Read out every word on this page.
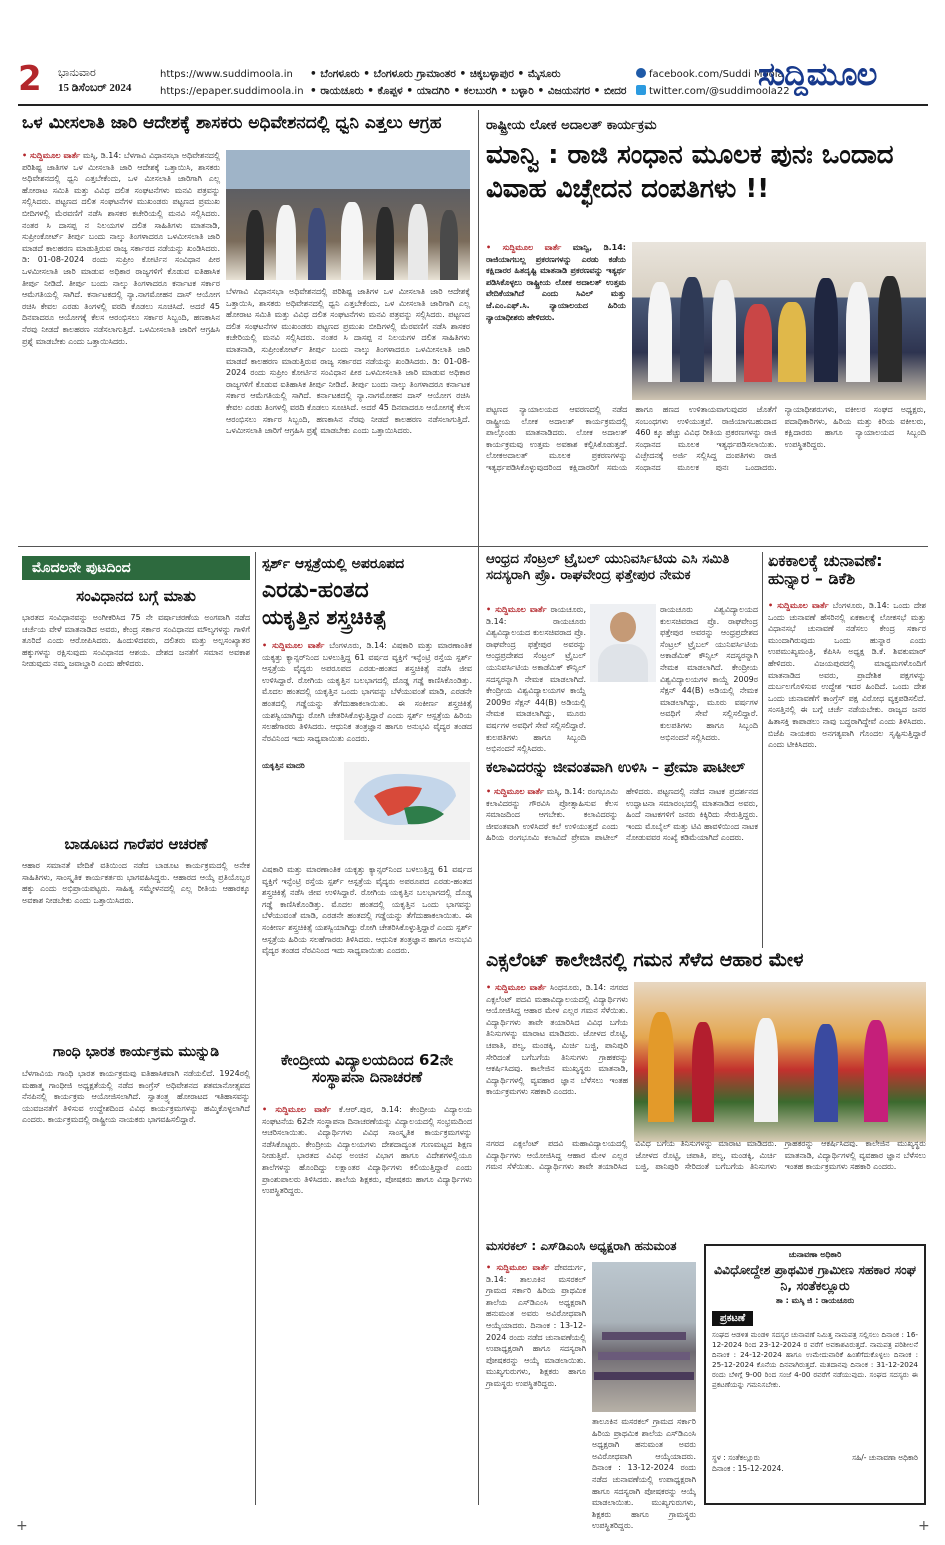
2 ಭಾನುವಾರ
15 ಡಿಸೆಂಬರ್ 2024
https://www.suddimoola.in
https://epaper.suddimoola.in
• ಬೆಂಗಳೂರು • ಬೆಂಗಳೂರು ಗ್ರಾಮಾಂತರ • ಚಿಕ್ಕಬಳ್ಳಾಪುರ • ಮೈಸೂರು
• ರಾಯಚೂರು • ಕೊಪ್ಪಳ • ಯಾದಗಿರಿ • ಕಲಬುರಗಿ • ಬಳ್ಳಾರಿ • ವಿಜಯನಗರ • ಬೀದರ
facebook.com/Suddi Moola
twitter.com/@suddimoola22
ಸುದ್ದಿಮೂಲ
ಒಳ ಮೀಸಲಾತಿ ಜಾರಿ ಆದೇಶಕ್ಕೆ ಶಾಸಕರು ಅಧಿವೇಶನದಲ್ಲಿ ಧ್ವನಿ ಎತ್ತಲು ಆಗ್ರಹ
• ಸುದ್ದಿಮೂಲ ವಾರ್ತೆ ಮಸ್ಕಿ, ಡಿ.14: ಬೆಳಗಾವಿ ವಿಧಾನಸಭಾ ಅಧಿವೇಶನದಲ್ಲಿ ಪರಿಶಿಷ್ಟ ಜಾತಿಗಳ ಒಳ ಮೀಸಲಾತಿ ಜಾರಿ ಆದೇಶಕ್ಕೆ ಒತ್ತಾಯಿಸಿ, ಶಾಸಕರು ಅಧಿವೇಶನದಲ್ಲಿ ಧ್ವನಿ ಎತ್ತಬೇಕೆಂದು, ಒಳ ಮೀಸಲಾತಿ ಜಾರಿಗಾಗಿ ಎಲ್ಲ ಹೋರಾಟ ಸಮಿತಿ ಮತ್ತು ವಿವಿಧ ದಲಿತ ಸಂಘಟನೆಗಳು ಮನವಿ ಪತ್ರವನ್ನು ಸಲ್ಲಿಸಿದರು. ಪಟ್ಟಣದ ದಲಿತ ಸಂಘಟನೆಗಳ ಮುಖಂಡರು ಪಟ್ಟಣದ ಪ್ರಮುಖ ಬೀದಿಗಳಲ್ಲಿ ಮೆರವಣಿಗೆ ನಡೆಸಿ ಶಾಸಕರ ಕಚೇರಿಯಲ್ಲಿ ಮನವಿ ಸಲ್ಲಿಸಿದರು. ನಂತರ ಸಿ ದಾಸಪ್ಪ ನ ನಿಲಯಗಳ ದಲಿತ ಸಾಹಿತಿಗಳು ಮಾತನಾಡಿ, ಸುಪ್ರೀಂಕೋರ್ಟ್ ತೀರ್ಪು ಬಂದು ನಾಲ್ಕು ತಿಂಗಳಾದರೂ ಒಳಮೀಸಲಾತಿ ಜಾರಿ ಮಾಡದೆ ಕಾಲಹರಣ ಮಾಡುತ್ತಿರುವ ರಾಜ್ಯ ಸರ್ಕಾರದ ನಡೆಯನ್ನು ಖಂಡಿಸಿದರು. ಡಿ: 01-08-2024 ರಂದು ಸುಪ್ರೀಂ ಕೋರ್ಟಿನ ಸಂವಿಧಾನ ಪೀಠ ಒಳಮೀಸಲಾತಿ ಜಾರಿ ಮಾಡುವ ಅಧಿಕಾರ ರಾಜ್ಯಗಳಿಗೆ ಕೊಡುವ ಐತಿಹಾಸಿಕ ತೀರ್ಪು ನೀಡಿದೆ. ತೀರ್ಪು ಬಂದು ನಾಲ್ಕು ತಿಂಗಳಾದರೂ ಕರ್ನಾಟಕ ಸರ್ಕಾರ ಆಮೆಗತಿಯಲ್ಲಿ ಸಾಗಿದೆ. ಕರ್ನಾಟಕದಲ್ಲಿ ನ್ಯಾ.ನಾಗಮೋಹನ ದಾಸ್ ಆಯೋಗ ರಚಿಸಿ ಕೇವಲ ಎರಡು ತಿಂಗಳಲ್ಲಿ ವರದಿ ಕೊಡಲು ಸೂಚಿಸಿದೆ. ಅದರೆ 45 ದಿನವಾದರೂ ಆಯೋಗಕ್ಕೆ ಕೆಲಸ ಆರಂಭಿಸಲು ಸರ್ಕಾರ ಸಿಬ್ಬಂದಿ, ಹಣಕಾಸಿನ ನೆರವು ನೀಡದೆ ಕಾಲಹರಣ ನಡೆಸಲಾಗುತ್ತಿದೆ. ಒಳಮೀಸಲಾತಿ ಜಾರಿಗೆ ಆಗ್ರಹಿಸಿ ಪ್ರಶ್ನೆ ಮಾಡಬೇಕು ಎಂದು ಒತ್ತಾಯಿಸಿದರು.
ಬೆಳಗಾವಿ ವಿಧಾನಸಭಾ ಅಧಿವೇಶನದಲ್ಲಿ ಪರಿಶಿಷ್ಟ ಜಾತಿಗಳ ಒಳ ಮೀಸಲಾತಿ ಜಾರಿ ಆದೇಶಕ್ಕೆ ಒತ್ತಾಯಿಸಿ, ಶಾಸಕರು ಅಧಿವೇಶನದಲ್ಲಿ ಧ್ವನಿ ಎತ್ತಬೇಕೆಂದು, ಒಳ ಮೀಸಲಾತಿ ಜಾರಿಗಾಗಿ ಎಲ್ಲ ಹೋರಾಟ ಸಮಿತಿ ಮತ್ತು ವಿವಿಧ ದಲಿತ ಸಂಘಟನೆಗಳು ಮನವಿ ಪತ್ರವನ್ನು ಸಲ್ಲಿಸಿದರು. ಪಟ್ಟಣದ ದಲಿತ ಸಂಘಟನೆಗಳ ಮುಖಂಡರು ಪಟ್ಟಣದ ಪ್ರಮುಖ ಬೀದಿಗಳಲ್ಲಿ ಮೆರವಣಿಗೆ ನಡೆಸಿ ಶಾಸಕರ ಕಚೇರಿಯಲ್ಲಿ ಮನವಿ ಸಲ್ಲಿಸಿದರು. ನಂತರ ಸಿ ದಾಸಪ್ಪ ನ ನಿಲಯಗಳ ದಲಿತ ಸಾಹಿತಿಗಳು ಮಾತನಾಡಿ, ಸುಪ್ರೀಂಕೋರ್ಟ್ ತೀರ್ಪು ಬಂದು ನಾಲ್ಕು ತಿಂಗಳಾದರೂ ಒಳಮೀಸಲಾತಿ ಜಾರಿ ಮಾಡದೆ ಕಾಲಹರಣ ಮಾಡುತ್ತಿರುವ ರಾಜ್ಯ ಸರ್ಕಾರದ ನಡೆಯನ್ನು ಖಂಡಿಸಿದರು. ಡಿ: 01-08-2024 ರಂದು ಸುಪ್ರೀಂ ಕೋರ್ಟಿನ ಸಂವಿಧಾನ ಪೀಠ ಒಳಮೀಸಲಾತಿ ಜಾರಿ ಮಾಡುವ ಅಧಿಕಾರ ರಾಜ್ಯಗಳಿಗೆ ಕೊಡುವ ಐತಿಹಾಸಿಕ ತೀರ್ಪು ನೀಡಿದೆ. ತೀರ್ಪು ಬಂದು ನಾಲ್ಕು ತಿಂಗಳಾದರೂ ಕರ್ನಾಟಕ ಸರ್ಕಾರ ಆಮೆಗತಿಯಲ್ಲಿ ಸಾಗಿದೆ. ಕರ್ನಾಟಕದಲ್ಲಿ ನ್ಯಾ.ನಾಗಮೋಹನ ದಾಸ್ ಆಯೋಗ ರಚಿಸಿ ಕೇವಲ ಎರಡು ತಿಂಗಳಲ್ಲಿ ವರದಿ ಕೊಡಲು ಸೂಚಿಸಿದೆ. ಅದರೆ 45 ದಿನವಾದರೂ ಆಯೋಗಕ್ಕೆ ಕೆಲಸ ಆರಂಭಿಸಲು ಸರ್ಕಾರ ಸಿಬ್ಬಂದಿ, ಹಣಕಾಸಿನ ನೆರವು ನೀಡದೆ ಕಾಲಹರಣ ನಡೆಸಲಾಗುತ್ತಿದೆ. ಒಳಮೀಸಲಾತಿ ಜಾರಿಗೆ ಆಗ್ರಹಿಸಿ ಪ್ರಶ್ನೆ ಮಾಡಬೇಕು ಎಂದು ಒತ್ತಾಯಿಸಿದರು.
ರಾಷ್ಟ್ರೀಯ ಲೋಕ ಅದಾಲತ್ ಕಾರ್ಯಕ್ರಮ
ಮಾನ್ವಿ : ರಾಜಿ ಸಂಧಾನ ಮೂಲಕ ಪುನಃ ಒಂದಾದ ವಿವಾಹ ವಿಚ್ಛೇದನ ದಂಪತಿಗಳು !!
• ಸುದ್ದಿಮೂಲ ವಾರ್ತೆ ಮಾನ್ವಿ, ಡಿ.14: ರಾಜಿಯಾಗಬಲ್ಲ ಪ್ರಕರಣಗಳನ್ನು ಎರಡು ಕಡೆಯ ಕಕ್ಷಿದಾರರ ಹಿತದೃಷ್ಟಿ ಮಾತನಾಡಿ ಪ್ರಕರಣವನ್ನು ಇತ್ಯರ್ಥ ಪಡಿಸಿಕೊಳ್ಳಲು ರಾಷ್ಟ್ರೀಯ ಲೋಕ ಅದಾಲತ್ ಉತ್ತಮ ವೇದಿಕೆಯಾಗಿದೆ ಎಂದು ಸಿವಿಲ್ ಮತ್ತು ಜೆ.ಎಂ.ಎಫ್.ಸಿ. ನ್ಯಾಯಾಲಯದ ಹಿರಿಯ ನ್ಯಾಯಾಧೀಶರು ಹೇಳಿದರು.
ಪಟ್ಟಣದ ನ್ಯಾಯಾಲಯದ ಆವರಣದಲ್ಲಿ ನಡೆದ ರಾಷ್ಟ್ರೀಯ ಲೋಕ ಅದಾಲತ್ ಕಾರ್ಯಕ್ರಮದಲ್ಲಿ ಪಾಲ್ಗೊಂಡು ಮಾತನಾಡಿದರು. ಲೋಕ ಅದಾಲತ್ ಕಾರ್ಯಕ್ರಮವು ಉತ್ತಮ ಅವಕಾಶ ಕಲ್ಪಿಸಿಕೊಡುತ್ತದೆ. ಲೋಕಅದಾಲತ್ ಮೂಲಕ ಪ್ರಕರಣಗಳನ್ನು ಇತ್ಯರ್ಥಪಡಿಸಿಕೊಳ್ಳುವುದರಿಂದ ಕಕ್ಷಿದಾರರಿಗೆ ಸಮಯ ಹಾಗೂ ಹಣದ ಉಳಿತಾಯವಾಗುವುದರ ಜೊತೆಗೆ ಸಂಬಂಧಗಳು ಉಳಿಯುತ್ತವೆ. ರಾಜಿಯಾಗಬಹುದಾದ 460 ಕ್ಕೂ ಹೆಚ್ಚು ವಿವಿಧ ರೀತಿಯ ಪ್ರಕರಣಗಳನ್ನು ರಾಜಿ ಸಂಧಾನದ ಮೂಲಕ ಇತ್ಯರ್ಥಪಡಿಸಲಾಯಿತು. ವಿಚ್ಛೇದನಕ್ಕೆ ಅರ್ಜಿ ಸಲ್ಲಿಸಿದ್ದ ದಂಪತಿಗಳು ರಾಜಿ ಸಂಧಾನದ ಮೂಲಕ ಪುನಃ ಒಂದಾದರು. ನ್ಯಾಯಾಧೀಶರುಗಳು, ವಕೀಲರ ಸಂಘದ ಅಧ್ಯಕ್ಷರು, ಪದಾಧಿಕಾರಿಗಳು, ಹಿರಿಯ ಮತ್ತು ಕಿರಿಯ ವಕೀಲರು, ಕಕ್ಷಿದಾರರು ಹಾಗೂ ನ್ಯಾಯಾಲಯದ ಸಿಬ್ಬಂದಿ ಉಪಸ್ಥಿತರಿದ್ದರು.
ಮೊದಲನೇ ಪುಟದಿಂದ
ಸಂವಿಧಾನದ ಬಗ್ಗೆ ಮಾತು
ಭಾರತದ ಸಂವಿಧಾನವನ್ನು ಅಂಗೀಕರಿಸಿದ 75 ನೇ ವರ್ಷಾಚರಣೆಯ ಅಂಗವಾಗಿ ನಡೆದ ಚರ್ಚೆಯ ವೇಳೆ ಮಾತನಾಡಿದ ಅವರು, ಕೇಂದ್ರ ಸರ್ಕಾರ ಸಂವಿಧಾನದ ಮೌಲ್ಯಗಳನ್ನು ಗಾಳಿಗೆ ತೂರಿದೆ ಎಂದು ಆರೋಪಿಸಿದರು. ಹಿಂದುಳಿದವರು, ದಲಿತರು ಮತ್ತು ಅಲ್ಪಸಂಖ್ಯಾತರ ಹಕ್ಕುಗಳನ್ನು ರಕ್ಷಿಸುವುದು ಸಂವಿಧಾನದ ಆಶಯ. ದೇಶದ ಜನತೆಗೆ ಸಮಾನ ಅವಕಾಶ ನೀಡುವುದು ನಮ್ಮ ಜವಾಬ್ದಾರಿ ಎಂದು ಹೇಳಿದರು.
ಬಾಡೂಟದ ಗಾರೆಪರ ಆಚರಣೆ
ಆಹಾರ ಸಮಾನತೆ ವೇದಿಕೆ ವತಿಯಿಂದ ನಡೆದ ಬಾಡೂಟ ಕಾರ್ಯಕ್ರಮದಲ್ಲಿ ಅನೇಕ ಸಾಹಿತಿಗಳು, ಸಾಂಸ್ಕೃತಿಕ ಕಾರ್ಯಕರ್ತರು ಭಾಗವಹಿಸಿದ್ದರು. ಆಹಾರದ ಆಯ್ಕೆ ಪ್ರತಿಯೊಬ್ಬರ ಹಕ್ಕು ಎಂದು ಅಭಿಪ್ರಾಯಪಟ್ಟರು. ಸಾಹಿತ್ಯ ಸಮ್ಮೇಳನದಲ್ಲಿ ಎಲ್ಲ ರೀತಿಯ ಆಹಾರಕ್ಕೂ ಅವಕಾಶ ನೀಡಬೇಕು ಎಂದು ಒತ್ತಾಯಿಸಿದರು.
ಗಾಂಧಿ ಭಾರತ ಕಾರ್ಯಕ್ರಮ ಮುನ್ನುಡಿ
ಬೆಳಗಾವಿಯ ಗಾಂಧಿ ಭಾರತ ಕಾರ್ಯಕ್ರಮವು ಐತಿಹಾಸಿಕವಾಗಿ ನಡೆಯಲಿದೆ. 1924ರಲ್ಲಿ ಮಹಾತ್ಮ ಗಾಂಧೀಜಿ ಅಧ್ಯಕ್ಷತೆಯಲ್ಲಿ ನಡೆದ ಕಾಂಗ್ರೆಸ್ ಅಧಿವೇಶನದ ಶತಮಾನೋತ್ಸವದ ನೆನಪಿನಲ್ಲಿ ಕಾರ್ಯಕ್ರಮ ಆಯೋಜಿಸಲಾಗಿದೆ. ಸ್ವಾತಂತ್ರ್ಯ ಹೋರಾಟದ ಇತಿಹಾಸವನ್ನು ಯುವಜನತೆಗೆ ತಿಳಿಸುವ ಉದ್ದೇಶದಿಂದ ವಿವಿಧ ಕಾರ್ಯಕ್ರಮಗಳನ್ನು ಹಮ್ಮಿಕೊಳ್ಳಲಾಗಿದೆ ಎಂದರು. ಕಾರ್ಯಕ್ರಮದಲ್ಲಿ ರಾಷ್ಟ್ರೀಯ ನಾಯಕರು ಭಾಗವಹಿಸಲಿದ್ದಾರೆ.
ಸ್ಪರ್ಶ್ ಆಸ್ಪತ್ರೆಯಲ್ಲಿ ಅಪರೂಪದ
ಎರಡು-ಹಂತದ
ಯಕೃತ್ತಿನ ಶಸ್ತ್ರಚಿಕಿತ್ಸೆ
• ಸುದ್ದಿಮೂಲ ವಾರ್ತೆ ಬೆಂಗಳೂರು, ಡಿ.14: ವಿಷಕಾರಿ ಮತ್ತು ಮಾರಣಾಂತಿಕ ಯಕೃತ್ತು ಕ್ಯಾನ್ಸರ್‌ನಿಂದ ಬಳಲುತ್ತಿದ್ದ 61 ವರ್ಷದ ವ್ಯಕ್ತಿಗೆ ಇನ್ಫೆಂಟ್ರಿ ರಸ್ತೆಯ ಸ್ಪರ್ಶ್ ಆಸ್ಪತ್ರೆಯ ವೈದ್ಯರು ಅಪರೂಪದ ಎರಡು-ಹಂತದ ಶಸ್ತ್ರಚಿಕಿತ್ಸೆ ನಡೆಸಿ ಜೀವ ಉಳಿಸಿದ್ದಾರೆ. ರೋಗಿಯ ಯಕೃತ್ತಿನ ಬಲಭಾಗದಲ್ಲಿ ದೊಡ್ಡ ಗಡ್ಡೆ ಕಾಣಿಸಿಕೊಂಡಿತ್ತು. ಮೊದಲ ಹಂತದಲ್ಲಿ ಯಕೃತ್ತಿನ ಒಂದು ಭಾಗವನ್ನು ಬೆಳೆಯುವಂತೆ ಮಾಡಿ, ಎರಡನೇ ಹಂತದಲ್ಲಿ ಗಡ್ಡೆಯನ್ನು ತೆಗೆದುಹಾಕಲಾಯಿತು. ಈ ಸಂಕೀರ್ಣ ಶಸ್ತ್ರಚಿಕಿತ್ಸೆ ಯಶಸ್ವಿಯಾಗಿದ್ದು ರೋಗಿ ಚೇತರಿಸಿಕೊಳ್ಳುತ್ತಿದ್ದಾರೆ ಎಂದು ಸ್ಪರ್ಶ್ ಆಸ್ಪತ್ರೆಯ ಹಿರಿಯ ಸಲಹೆಗಾರರು ತಿಳಿಸಿದರು. ಆಧುನಿಕ ತಂತ್ರಜ್ಞಾನ ಹಾಗೂ ಅನುಭವಿ ವೈದ್ಯರ ತಂಡದ ನೆರವಿನಿಂದ ಇದು ಸಾಧ್ಯವಾಯಿತು ಎಂದರು.
ಯಕೃತ್ತಿನ ಮಾದರಿ
ವಿಷಕಾರಿ ಮತ್ತು ಮಾರಣಾಂತಿಕ ಯಕೃತ್ತು ಕ್ಯಾನ್ಸರ್‌ನಿಂದ ಬಳಲುತ್ತಿದ್ದ 61 ವರ್ಷದ ವ್ಯಕ್ತಿಗೆ ಇನ್ಫೆಂಟ್ರಿ ರಸ್ತೆಯ ಸ್ಪರ್ಶ್ ಆಸ್ಪತ್ರೆಯ ವೈದ್ಯರು ಅಪರೂಪದ ಎರಡು-ಹಂತದ ಶಸ್ತ್ರಚಿಕಿತ್ಸೆ ನಡೆಸಿ ಜೀವ ಉಳಿಸಿದ್ದಾರೆ. ರೋಗಿಯ ಯಕೃತ್ತಿನ ಬಲಭಾಗದಲ್ಲಿ ದೊಡ್ಡ ಗಡ್ಡೆ ಕಾಣಿಸಿಕೊಂಡಿತ್ತು. ಮೊದಲ ಹಂತದಲ್ಲಿ ಯಕೃತ್ತಿನ ಒಂದು ಭಾಗವನ್ನು ಬೆಳೆಯುವಂತೆ ಮಾಡಿ, ಎರಡನೇ ಹಂತದಲ್ಲಿ ಗಡ್ಡೆಯನ್ನು ತೆಗೆದುಹಾಕಲಾಯಿತು. ಈ ಸಂಕೀರ್ಣ ಶಸ್ತ್ರಚಿಕಿತ್ಸೆ ಯಶಸ್ವಿಯಾಗಿದ್ದು ರೋಗಿ ಚೇತರಿಸಿಕೊಳ್ಳುತ್ತಿದ್ದಾರೆ ಎಂದು ಸ್ಪರ್ಶ್ ಆಸ್ಪತ್ರೆಯ ಹಿರಿಯ ಸಲಹೆಗಾರರು ತಿಳಿಸಿದರು. ಆಧುನಿಕ ತಂತ್ರಜ್ಞಾನ ಹಾಗೂ ಅನುಭವಿ ವೈದ್ಯರ ತಂಡದ ನೆರವಿನಿಂದ ಇದು ಸಾಧ್ಯವಾಯಿತು ಎಂದರು.
ಕೇಂದ್ರೀಯ ವಿದ್ಯಾಲಯದಿಂದ 62ನೇ ಸಂಸ್ಥಾಪನಾ ದಿನಾಚರಣೆ
• ಸುದ್ದಿಮೂಲ ವಾರ್ತೆ ಕೆ.ಆರ್.ಪುರ, ಡಿ.14: ಕೇಂದ್ರೀಯ ವಿದ್ಯಾಲಯ ಸಂಘಟನೆಯ 62ನೇ ಸಂಸ್ಥಾಪನಾ ದಿನಾಚರಣೆಯನ್ನು ವಿದ್ಯಾಲಯದಲ್ಲಿ ಸಂಭ್ರಮದಿಂದ ಆಚರಿಸಲಾಯಿತು. ವಿದ್ಯಾರ್ಥಿಗಳು ವಿವಿಧ ಸಾಂಸ್ಕೃತಿಕ ಕಾರ್ಯಕ್ರಮಗಳನ್ನು ನಡೆಸಿಕೊಟ್ಟರು. ಕೇಂದ್ರೀಯ ವಿದ್ಯಾಲಯಗಳು ದೇಶದಾದ್ಯಂತ ಗುಣಮಟ್ಟದ ಶಿಕ್ಷಣ ನೀಡುತ್ತಿವೆ. ಭಾರತದ ವಿವಿಧ ಅಂಚಿನ ವಿಭಾಗ ಹಾಗೂ ವಿದೇಶಗಳಲ್ಲಿಯೂ ಶಾಲೆಗಳನ್ನು ಹೊಂದಿದ್ದು ಲಕ್ಷಾಂತರ ವಿದ್ಯಾರ್ಥಿಗಳು ಕಲಿಯುತ್ತಿದ್ದಾರೆ ಎಂದು ಪ್ರಾಂಶುಪಾಲರು ತಿಳಿಸಿದರು. ಶಾಲೆಯ ಶಿಕ್ಷಕರು, ಪೋಷಕರು ಹಾಗೂ ವಿದ್ಯಾರ್ಥಿಗಳು ಉಪಸ್ಥಿತರಿದ್ದರು.
ಆಂಧ್ರದ ಸೆಂಟ್ರಲ್ ಟ್ರೈಬಲ್ ಯುನಿವರ್ಸಿಟಿಯ ಎಸಿ ಸಮಿತಿ ಸದಸ್ಯರಾಗಿ ಪ್ರೊ. ರಾಘವೇಂದ್ರ ಫತ್ತೇಪುರ ನೇಮಕ
• ಸುದ್ದಿಮೂಲ ವಾರ್ತೆ ರಾಯಚೂರು, ಡಿ.14:	ರಾಯಚೂರು ವಿಶ್ವವಿದ್ಯಾಲಯದ ಕುಲಸಚಿವರಾದ ಪ್ರೊ. ರಾಘವೇಂದ್ರ ಫತ್ತೇಪುರ ಅವರನ್ನು ಆಂಧ್ರಪ್ರದೇಶದ ಸೆಂಟ್ರಲ್ ಟ್ರೈಬಲ್ ಯುನಿವರ್ಸಿಟಿಯ ಅಕಾಡೆಮಿಕ್ ಕೌನ್ಸಿಲ್ ಸದಸ್ಯರನ್ನಾಗಿ ನೇಮಕ ಮಾಡಲಾಗಿದೆ. ಕೇಂದ್ರೀಯ ವಿಶ್ವವಿದ್ಯಾಲಯಗಳ ಕಾಯ್ದೆ 2009ರ ಸೆಕ್ಷನ್ 44(B) ಅಡಿಯಲ್ಲಿ ನೇಮಕ ಮಾಡಲಾಗಿದ್ದು, ಮೂರು ವರ್ಷಗಳ ಅವಧಿಗೆ ಸೇವೆ ಸಲ್ಲಿಸಲಿದ್ದಾರೆ. ಕುಲಪತಿಗಳು ಹಾಗೂ ಸಿಬ್ಬಂದಿ ಅಭಿನಂದನೆ ಸಲ್ಲಿಸಿದರು.
ರಾಯಚೂರು ವಿಶ್ವವಿದ್ಯಾಲಯದ ಕುಲಸಚಿವರಾದ ಪ್ರೊ. ರಾಘವೇಂದ್ರ ಫತ್ತೇಪುರ ಅವರನ್ನು ಆಂಧ್ರಪ್ರದೇಶದ ಸೆಂಟ್ರಲ್ ಟ್ರೈಬಲ್ ಯುನಿವರ್ಸಿಟಿಯ ಅಕಾಡೆಮಿಕ್ ಕೌನ್ಸಿಲ್ ಸದಸ್ಯರನ್ನಾಗಿ ನೇಮಕ ಮಾಡಲಾಗಿದೆ. ಕೇಂದ್ರೀಯ ವಿಶ್ವವಿದ್ಯಾಲಯಗಳ ಕಾಯ್ದೆ 2009ರ ಸೆಕ್ಷನ್ 44(B) ಅಡಿಯಲ್ಲಿ ನೇಮಕ ಮಾಡಲಾಗಿದ್ದು, ಮೂರು ವರ್ಷಗಳ ಅವಧಿಗೆ ಸೇವೆ ಸಲ್ಲಿಸಲಿದ್ದಾರೆ. ಕುಲಪತಿಗಳು ಹಾಗೂ ಸಿಬ್ಬಂದಿ ಅಭಿನಂದನೆ ಸಲ್ಲಿಸಿದರು.
ಏಕಕಾಲಕ್ಕೆ ಚುನಾವಣೆ: ಹುನ್ನಾರ – ಡಿಕೆಶಿ
• ಸುದ್ದಿಮೂಲ ವಾರ್ತೆ ಬೆಂಗಳೂರು, ಡಿ.14: ಒಂದು ದೇಶ ಒಂದು ಚುನಾವಣೆ ಹೆಸರಿನಲ್ಲಿ ಏಕಕಾಲಕ್ಕೆ ಲೋಕಸಭೆ ಮತ್ತು ವಿಧಾನಸಭೆ ಚುನಾವಣೆ ನಡೆಸಲು ಕೇಂದ್ರ ಸರ್ಕಾರ ಮುಂದಾಗಿರುವುದು ಒಂದು ಹುನ್ನಾರ ಎಂದು ಉಪಮುಖ್ಯಮಂತ್ರಿ, ಕೆಪಿಸಿಸಿ ಅಧ್ಯಕ್ಷ ಡಿ.ಕೆ. ಶಿವಕುಮಾರ್ ಹೇಳಿದರು. ವಿಜಯಪುರದಲ್ಲಿ ಮಾಧ್ಯಮಗಳೊಂದಿಗೆ ಮಾತನಾಡಿದ ಅವರು, ಪ್ರಾದೇಶಿಕ ಪಕ್ಷಗಳನ್ನು ದುರ್ಬಲಗೊಳಿಸುವ ಉದ್ದೇಶ ಇದರ ಹಿಂದಿದೆ. ಒಂದು ದೇಶ ಒಂದು ಚುನಾವಣೆಗೆ ಕಾಂಗ್ರೆಸ್ ಪಕ್ಷ ವಿರೋಧ ವ್ಯಕ್ತಪಡಿಸಲಿದೆ. ಸಂಸತ್ತಿನಲ್ಲಿ ಈ ಬಗ್ಗೆ ಚರ್ಚೆ ನಡೆಯಬೇಕು. ರಾಜ್ಯದ ಜನರ ಹಿತಾಸಕ್ತಿ ಕಾಪಾಡಲು ನಾವು ಬದ್ಧರಾಗಿದ್ದೇವೆ ಎಂದು ತಿಳಿಸಿದರು. ಬಿಜೆಪಿ ನಾಯಕರು ಅನಗತ್ಯವಾಗಿ ಗೊಂದಲ ಸೃಷ್ಟಿಸುತ್ತಿದ್ದಾರೆ ಎಂದು ಟೀಕಿಸಿದರು.
ಕಲಾವಿದರನ್ನು ಜೀವಂತವಾಗಿ ಉಳಿಸಿ – ಪ್ರೇಮಾ ಪಾಟೀಲ್
• ಸುದ್ದಿಮೂಲ ವಾರ್ತೆ ಮಸ್ಕಿ, ಡಿ.14: ರಂಗಭೂಮಿ ಕಲಾವಿದರನ್ನು ಗೌರವಿಸಿ ಪ್ರೋತ್ಸಾಹಿಸುವ ಕೆಲಸ ಸಮಾಜದಿಂದ ಆಗಬೇಕು. ಕಲಾವಿದರನ್ನು ಜೀವಂತವಾಗಿ ಉಳಿಸಿದರೆ ಕಲೆ ಉಳಿಯುತ್ತದೆ ಎಂದು ಹಿರಿಯ ರಂಗಭೂಮಿ ಕಲಾವಿದೆ ಪ್ರೇಮಾ ಪಾಟೀಲ್ ಹೇಳಿದರು. ಪಟ್ಟಣದಲ್ಲಿ ನಡೆದ ನಾಟಕ ಪ್ರದರ್ಶನದ ಉದ್ಘಾಟನಾ ಸಮಾರಂಭದಲ್ಲಿ ಮಾತನಾಡಿದ ಅವರು, ಹಿಂದೆ ನಾಟಕಗಳಿಗೆ ಜನರು ಕಿಕ್ಕಿರಿದು ಸೇರುತ್ತಿದ್ದರು. ಇಂದು ಮೊಬೈಲ್ ಮತ್ತು ಟಿವಿ ಹಾವಳಿಯಿಂದ ನಾಟಕ ನೋಡುವವರ ಸಂಖ್ಯೆ ಕಡಿಮೆಯಾಗಿದೆ ಎಂದರು.
ಎಕ್ಸಲೆಂಟ್ ಕಾಲೇಜಿನಲ್ಲಿ ಗಮನ ಸೆಳೆದ ಆಹಾರ ಮೇಳ
• ಸುದ್ದಿಮೂಲ ವಾರ್ತೆ ಸಿಂಧನೂರು, ಡಿ.14: ನಗರದ ಎಕ್ಸಲೆಂಟ್ ಪದವಿ ಮಹಾವಿದ್ಯಾಲಯದಲ್ಲಿ ವಿದ್ಯಾರ್ಥಿಗಳು ಆಯೋಜಿಸಿದ್ದ ಆಹಾರ ಮೇಳ ಎಲ್ಲರ ಗಮನ ಸೆಳೆಯಿತು. ವಿದ್ಯಾರ್ಥಿಗಳು ತಾವೇ ತಯಾರಿಸಿದ ವಿವಿಧ ಬಗೆಯ ತಿನಿಸುಗಳನ್ನು ಮಾರಾಟ ಮಾಡಿದರು. ಜೋಳದ ರೊಟ್ಟಿ, ಚಪಾತಿ, ಪಲ್ಯ, ಮಂಡಕ್ಕಿ, ಮಿರ್ಚಿ ಬಜ್ಜಿ, ಪಾನಿಪುರಿ ಸೇರಿದಂತೆ ಬಗೆಬಗೆಯ ತಿನಿಸುಗಳು ಗ್ರಾಹಕರನ್ನು ಆಕರ್ಷಿಸಿದವು. ಕಾಲೇಜಿನ ಮುಖ್ಯಸ್ಥರು ಮಾತನಾಡಿ, ವಿದ್ಯಾರ್ಥಿಗಳಲ್ಲಿ ವ್ಯವಹಾರ ಜ್ಞಾನ ಬೆಳೆಸಲು ಇಂತಹ ಕಾರ್ಯಕ್ರಮಗಳು ಸಹಕಾರಿ ಎಂದರು.
ನಗರದ ಎಕ್ಸಲೆಂಟ್ ಪದವಿ ಮಹಾವಿದ್ಯಾಲಯದಲ್ಲಿ ವಿದ್ಯಾರ್ಥಿಗಳು ಆಯೋಜಿಸಿದ್ದ ಆಹಾರ ಮೇಳ ಎಲ್ಲರ ಗಮನ ಸೆಳೆಯಿತು. ವಿದ್ಯಾರ್ಥಿಗಳು ತಾವೇ ತಯಾರಿಸಿದ ವಿವಿಧ ಬಗೆಯ ತಿನಿಸುಗಳನ್ನು ಮಾರಾಟ ಮಾಡಿದರು. ಜೋಳದ ರೊಟ್ಟಿ, ಚಪಾತಿ, ಪಲ್ಯ, ಮಂಡಕ್ಕಿ, ಮಿರ್ಚಿ ಬಜ್ಜಿ, ಪಾನಿಪುರಿ ಸೇರಿದಂತೆ ಬಗೆಬಗೆಯ ತಿನಿಸುಗಳು ಗ್ರಾಹಕರನ್ನು ಆಕರ್ಷಿಸಿದವು. ಕಾಲೇಜಿನ ಮುಖ್ಯಸ್ಥರು ಮಾತನಾಡಿ, ವಿದ್ಯಾರ್ಥಿಗಳಲ್ಲಿ ವ್ಯವಹಾರ ಜ್ಞಾನ ಬೆಳೆಸಲು ಇಂತಹ ಕಾರ್ಯಕ್ರಮಗಳು ಸಹಕಾರಿ ಎಂದರು.
ಮಸರಕಲ್ : ಎಸ್‌ಡಿಎಂಸಿ ಅಧ್ಯಕ್ಷರಾಗಿ ಹನುಮಂತ
• ಸುದ್ದಿಮೂಲ ವಾರ್ತೆ ದೇವದುರ್ಗ, ಡಿ.14: ತಾಲೂಕಿನ ಮಸರಕಲ್ ಗ್ರಾಮದ ಸರ್ಕಾರಿ ಹಿರಿಯ ಪ್ರಾಥಮಿಕ ಶಾಲೆಯ ಎಸ್‌ಡಿಎಂಸಿ ಅಧ್ಯಕ್ಷರಾಗಿ ಹನುಮಂತ ಅವರು ಅವಿರೋಧವಾಗಿ ಆಯ್ಕೆಯಾದರು. ದಿನಾಂಕ : 13-12-2024 ರಂದು ನಡೆದ ಚುನಾವಣೆಯಲ್ಲಿ ಉಪಾಧ್ಯಕ್ಷರಾಗಿ ಹಾಗೂ ಸದಸ್ಯರಾಗಿ ಪೋಷಕರನ್ನು ಆಯ್ಕೆ ಮಾಡಲಾಯಿತು. ಮುಖ್ಯಗುರುಗಳು, ಶಿಕ್ಷಕರು ಹಾಗೂ ಗ್ರಾಮಸ್ಥರು ಉಪಸ್ಥಿತರಿದ್ದರು.
ತಾಲೂಕಿನ ಮಸರಕಲ್ ಗ್ರಾಮದ ಸರ್ಕಾರಿ ಹಿರಿಯ ಪ್ರಾಥಮಿಕ ಶಾಲೆಯ ಎಸ್‌ಡಿಎಂಸಿ ಅಧ್ಯಕ್ಷರಾಗಿ ಹನುಮಂತ ಅವರು ಅವಿರೋಧವಾಗಿ ಆಯ್ಕೆಯಾದರು. ದಿನಾಂಕ : 13-12-2024 ರಂದು ನಡೆದ ಚುನಾವಣೆಯಲ್ಲಿ ಉಪಾಧ್ಯಕ್ಷರಾಗಿ ಹಾಗೂ ಸದಸ್ಯರಾಗಿ ಪೋಷಕರನ್ನು ಆಯ್ಕೆ ಮಾಡಲಾಯಿತು. ಮುಖ್ಯಗುರುಗಳು, ಶಿಕ್ಷಕರು ಹಾಗೂ ಗ್ರಾಮಸ್ಥರು ಉಪಸ್ಥಿತರಿದ್ದರು.
ಚುನಾವಣಾ ಅಧಿಕಾರಿ
ವಿವಿಧೋದ್ದೇಶ ಪ್ರಾಥಮಿಕ ಗ್ರಾಮೀಣ ಸಹಕಾರ ಸಂಘ ನಿ, ಸಂತೆಕಲ್ಲೂರು
ತಾ : ಮಸ್ಕಿ ಜಿ : ರಾಯಚೂರು
ಪ್ರಕಟಣೆ
ಸಂಘದ ಆಡಳಿತ ಮಂಡಳಿ ಸದಸ್ಯರ ಚುನಾವಣೆ ನಿಮಿತ್ತ ನಾಮಪತ್ರ ಸಲ್ಲಿಸಲು ದಿನಾಂಕ : 16-12-2024 ರಿಂದ 23-12-2024 ರ ವರೆಗೆ ಅವಕಾಶವಿರುತ್ತದೆ. ನಾಮಪತ್ರ ಪರಿಶೀಲನೆ ದಿನಾಂಕ : 24-12-2024 ಹಾಗೂ ಉಮೇದುವಾರಿಕೆ ಹಿಂತೆಗೆದುಕೊಳ್ಳಲು ದಿನಾಂಕ : 25-12-2024 ಕೊನೆಯ ದಿನವಾಗಿರುತ್ತದೆ. ಮತದಾನವು ದಿನಾಂಕ : 31-12-2024 ರಂದು ಬೆಳಿಗ್ಗೆ 9-00 ರಿಂದ ಸಂಜೆ 4-00 ರವರೆಗೆ ನಡೆಯುವುದು. ಸಂಘದ ಸದಸ್ಯರು ಈ ಪ್ರಕಟಣೆಯನ್ನು ಗಮನಿಸಬೇಕು.
ಸ್ಥಳ : ಸಂತೆಕಲ್ಲೂರು
ದಿನಾಂಕ : 15-12-2024.
ಸಹಿ/- ಚುನಾವಣಾ ಅಧಿಕಾರಿ
+	+
